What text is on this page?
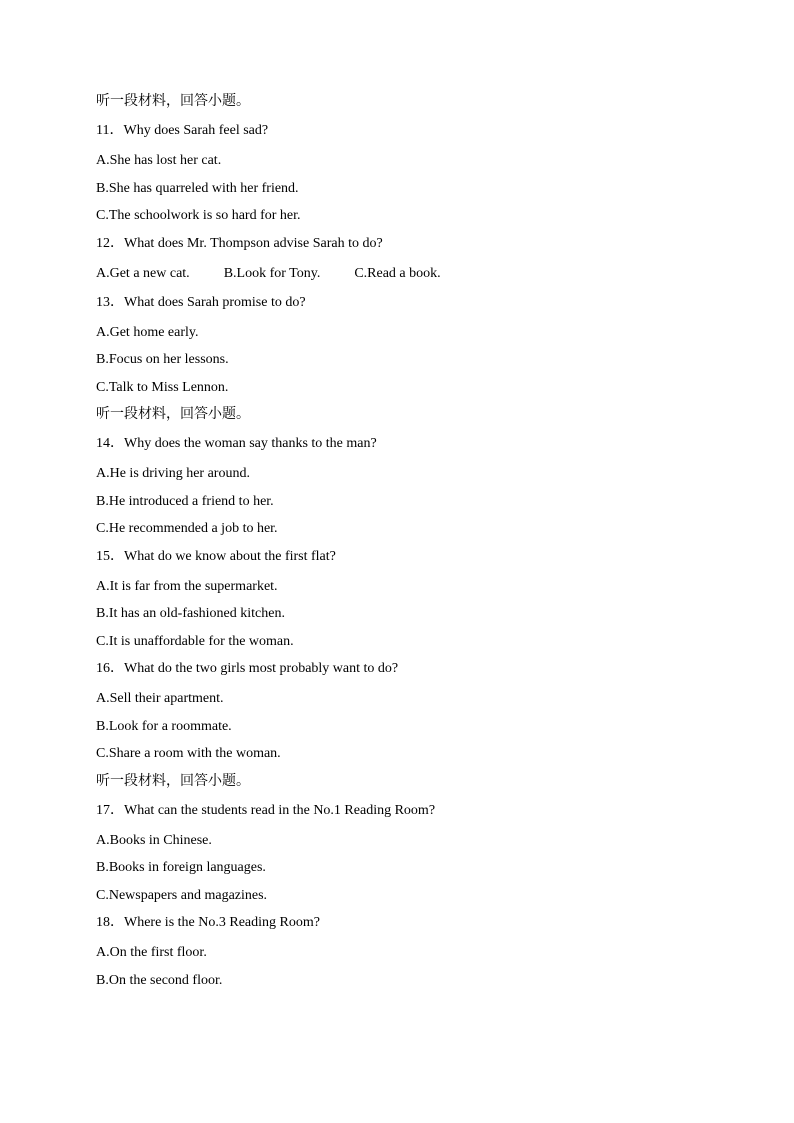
听一段材料，回答小题。
11．Why does Sarah feel sad?
A.She has lost her cat.
B.She has quarreled with her friend.
C.The schoolwork is so hard for her.
12．What does Mr. Thompson advise Sarah to do?
A.Get a new cat. B.Look for Tony. C.Read a book.
13．What does Sarah promise to do?
A.Get home early.
B.Focus on her lessons.
C.Talk to Miss Lennon.
听一段材料，回答小题。
14．Why does the woman say thanks to the man?
A.He is driving her around.
B.He introduced a friend to her.
C.He recommended a job to her.
15．What do we know about the first flat?
A.It is far from the supermarket.
B.It has an old-fashioned kitchen.
C.It is unaffordable for the woman.
16．What do the two girls most probably want to do?
A.Sell their apartment.
B.Look for a roommate.
C.Share a room with the woman.
听一段材料，回答小题。
17．What can the students read in the No.1 Reading Room?
A.Books in Chinese.
B.Books in foreign languages.
C.Newspapers and magazines.
18．Where is the No.3 Reading Room?
A.On the first floor.
B.On the second floor.
